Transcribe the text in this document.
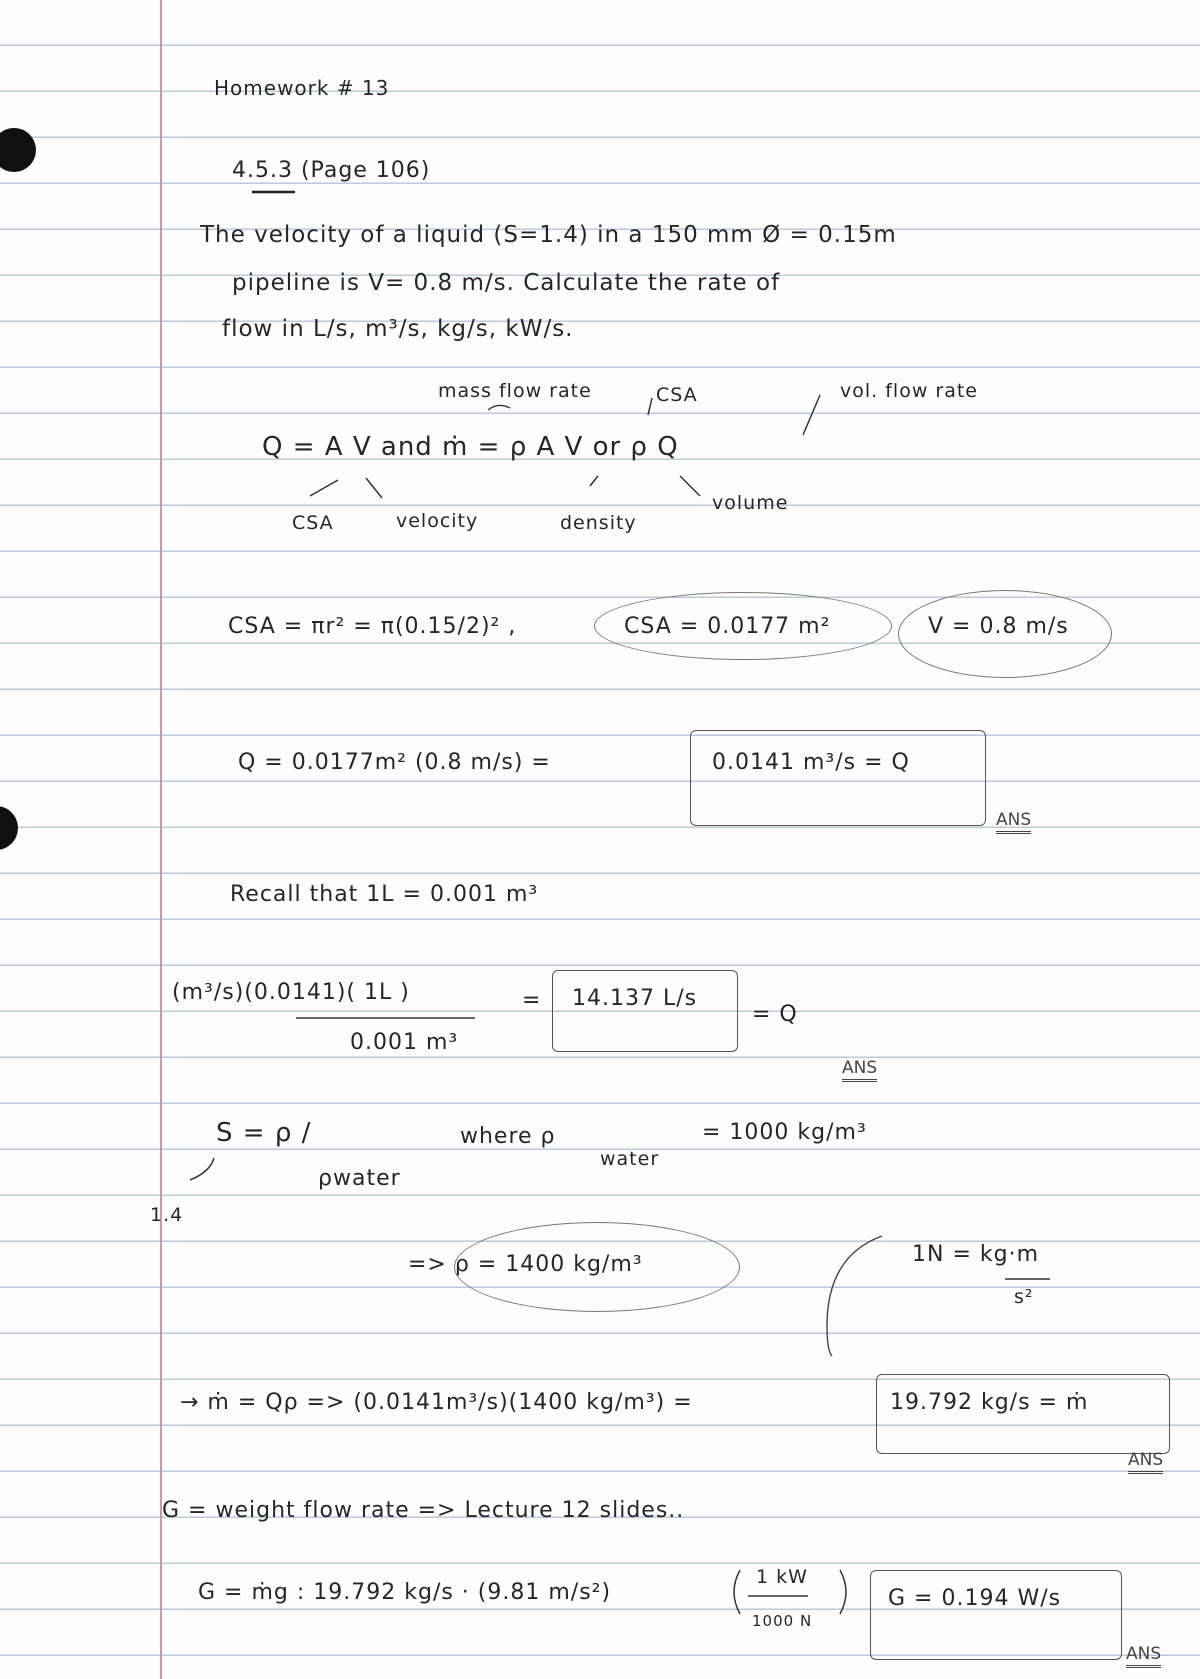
Homework # 13
4.5.3 (Page 106)
The velocity of a liquid (S=1.4) in a 150 mm Ø = 0.15m
pipeline is V= 0.8 m/s. Calculate the rate of
flow in L/s, m³/s, kg/s, kW/s.
mass flow rate	CSA	vol. flow rate
Q = A V and ṁ = ρ A V or ρ Q
CSA	velocity	density
volume
CSA = πr² = π(0.15/2)² ,	CSA = 0.0177 m²	V = 0.8 m/s
Q = 0.0177m² (0.8 m/s) =	0.0141 m³/s = Q
ANS
Recall that 1L = 0.001 m³
(m³/s)(0.0141)( 1L )
0.001 m³
= 14.137 L/s
= Q
ANS
S = ρ /
ρwater
where ρ
water
= 1000 kg/m³
1.4
=> ρ = 1400 kg/m³	1N = kg·m
s²
→ ṁ = Qρ => (0.0141m³/s)(1400 kg/m³) =	19.792 kg/s = ṁ
ANS
G = weight flow rate => Lecture 12 slides..
G = ṁg : 19.792 kg/s · (9.81 m/s²)
1 kW
1000 N
G = 0.194 W/s
ANS
